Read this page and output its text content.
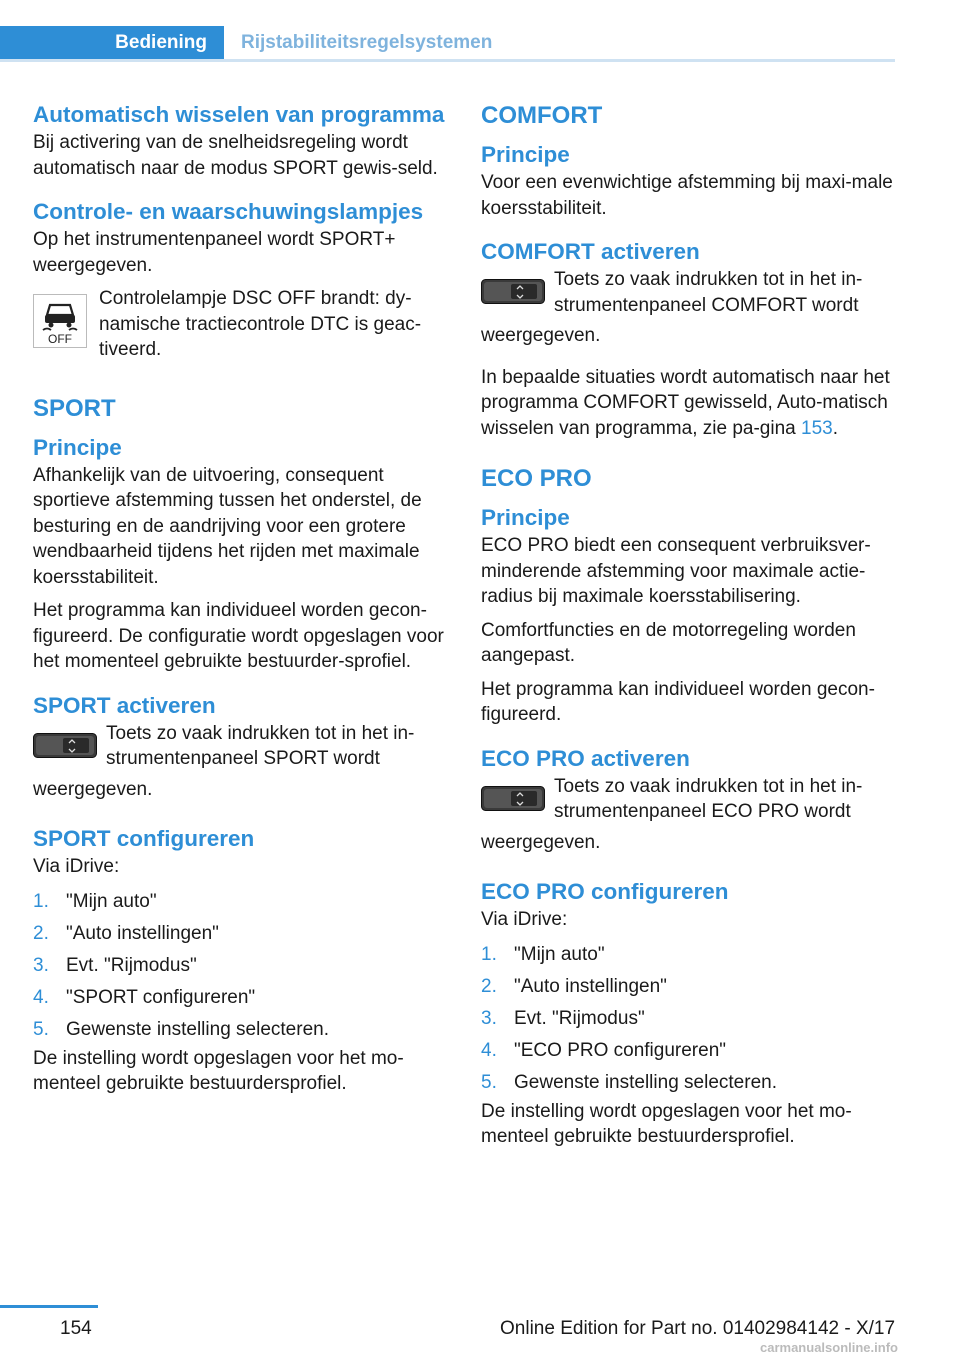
Bediening	Rijstabiliteitsregelsystemen
Automatisch wisselen van programma

Bij activering van de snelheidsregeling wordt automatisch naar de modus SPORT gewis-seld.

Controle- en waarschuwingslampjes

Op het instrumentenpaneel wordt SPORT+ weergegeven.

OFF

Controlelampje DSC OFF brandt: dy-namische tractiecontrole DTC is geac-tiveerd.

SPORT
Principe

Afhankelijk van de uitvoering, consequent sportieve afstemming tussen het onderstel, de besturing en de aandrijving voor een grotere wendbaarheid tijdens het rijden met maximale koersstabiliteit.

Het programma kan individueel worden gecon-figureerd. De configuratie wordt opgeslagen voor het momenteel gebruikte bestuurder-sprofiel.

SPORT activeren

Toets zo vaak indrukken tot in het in-strumentenpaneel SPORT wordt

weergegeven.

SPORT configureren

Via iDrive:

1. "Mijn auto"
2. "Auto instellingen"
3. Evt. "Rijmodus"
4. "SPORT configureren"
5. Gewenste instelling selecteren.

De instelling wordt opgeslagen voor het mo-menteel gebruikte bestuurdersprofiel.

COMFORT
Principe

Voor een evenwichtige afstemming bij maxi-male koersstabiliteit.

COMFORT activeren

Toets zo vaak indrukken tot in het in-strumentenpaneel COMFORT wordt

weergegeven.

In bepaalde situaties wordt automatisch naar het programma COMFORT gewisseld, Auto-matisch wisselen van programma, zie pa-gina 153.

ECO PRO
Principe

ECO PRO biedt een consequent verbruiksver-minderende afstemming voor maximale actie-radius bij maximale koersstabilisering.

Comfortfuncties en de motorregeling worden aangepast.

Het programma kan individueel worden gecon-figureerd.

ECO PRO activeren

Toets zo vaak indrukken tot in het in-strumentenpaneel ECO PRO wordt

weergegeven.

ECO PRO configureren

Via iDrive:

1. "Mijn auto"
2. "Auto instellingen"
3. Evt. "Rijmodus"
4. "ECO PRO configureren"
5. Gewenste instelling selecteren.

De instelling wordt opgeslagen voor het mo-menteel gebruikte bestuurdersprofiel.

154	Online Edition for Part no. 01402984142 - X/17
carmanualsonline.info
